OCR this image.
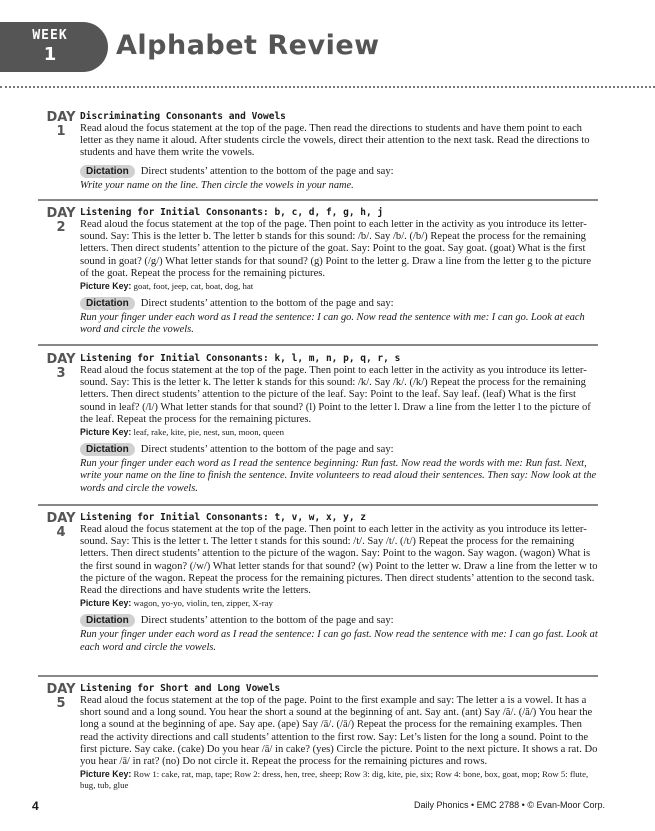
WEEK
1	Alphabet Review
DAY
1
Discriminating Consonants and Vowels

Read aloud the focus statement at the top of the page. Then read the directions to students and have them point to each letter as they name it aloud. After students circle the vowels, direct their attention to the next task. Read the directions to students and have them write the vowels.

Dictation Direct students’ attention to the bottom of the page and say:

Write your name on the line. Then circle the vowels in your name.

DAY
2
Listening for Initial Consonants: b, c, d, f, g, h, j

Read aloud the focus statement at the top of the page. Then point to each letter in the activity as you introduce its letter-sound. Say: This is the letter b. The letter b stands for this sound: /b/. Say /b/. (/b/) Repeat the process for the remaining letters. Then direct students’ attention to the picture of the goat. Say: Point to the goat. Say goat. (goat) What is the first sound in goat? (/g/) What letter stands for that sound? (g) Point to the letter g. Draw a line from the letter g to the picture of the goat. Repeat the process for the remaining pictures.

Picture Key: goat, foot, jeep, cat, boat, dog, hat

Dictation Direct students’ attention to the bottom of the page and say:

Run your finger under each word as I read the sentence: I can go. Now read the sentence with me: I can go. Look at each word and circle the vowels.

DAY
3
Listening for Initial Consonants: k, l, m, n, p, q, r, s

Read aloud the focus statement at the top of the page. Then point to each letter in the activity as you introduce its letter-sound. Say: This is the letter k. The letter k stands for this sound: /k/. Say /k/. (/k/) Repeat the process for the remaining letters. Then direct students’ attention to the picture of the leaf. Say: Point to the leaf. Say leaf. (leaf) What is the first sound in leaf? (/l/) What letter stands for that sound? (l) Point to the letter l. Draw a line from the letter l to the picture of the leaf. Repeat the process for the remaining pictures.

Picture Key: leaf, rake, kite, pie, nest, sun, moon, queen

Dictation Direct students’ attention to the bottom of the page and say:

Run your finger under each word as I read the sentence beginning: Run fast. Now read the words with me: Run fast. Next, write your name on the line to finish the sentence. Invite volunteers to read aloud their sentences. Then say: Now look at the words and circle the vowels.

DAY
4
Listening for Initial Consonants: t, v, w, x, y, z

Read aloud the focus statement at the top of the page. Then point to each letter in the activity as you introduce its letter-sound. Say: This is the letter t. The letter t stands for this sound: /t/. Say /t/. (/t/) Repeat the process for the remaining letters. Then direct students’ attention to the picture of the wagon. Say: Point to the wagon. Say wagon. (wagon) What is the first sound in wagon? (/w/) What letter stands for that sound? (w) Point to the letter w. Draw a line from the letter w to the picture of the wagon. Repeat the process for the remaining pictures. Then direct students’ attention to the second task. Read the directions and have students write the letters.

Picture Key: wagon, yo-yo, violin, ten, zipper, X-ray

Dictation Direct students’ attention to the bottom of the page and say:

Run your finger under each word as I read the sentence: I can go fast. Now read the sentence with me: I can go fast. Look at each word and circle the vowels.

DAY
5
Listening for Short and Long Vowels

Read aloud the focus statement at the top of the page. Point to the first example and say: The letter a is a vowel. It has a short sound and a long sound. You hear the short a sound at the beginning of ant. Say ant. (ant) Say /ă/. (/ă/) You hear the long a sound at the beginning of ape. Say ape. (ape) Say /ā/. (/ā/) Repeat the process for the remaining examples. Then read the activity directions and call students’ attention to the first row. Say: Let’s listen for the long a sound. Point to the first picture. Say cake. (cake) Do you hear /ā/ in cake? (yes) Circle the picture. Point to the next picture. It shows a rat. Do you hear /ā/ in rat? (no) Do not circle it. Repeat the process for the remaining pictures and rows.

Picture Key: Row 1: cake, rat, map, tape; Row 2: dress, hen, tree, sheep; Row 3: dig, kite, pie, six; Row 4: bone, box, goat, mop; Row 5: flute, bug, tub, glue

4	Daily Phonics • EMC 2788 • © Evan-Moor Corp.
